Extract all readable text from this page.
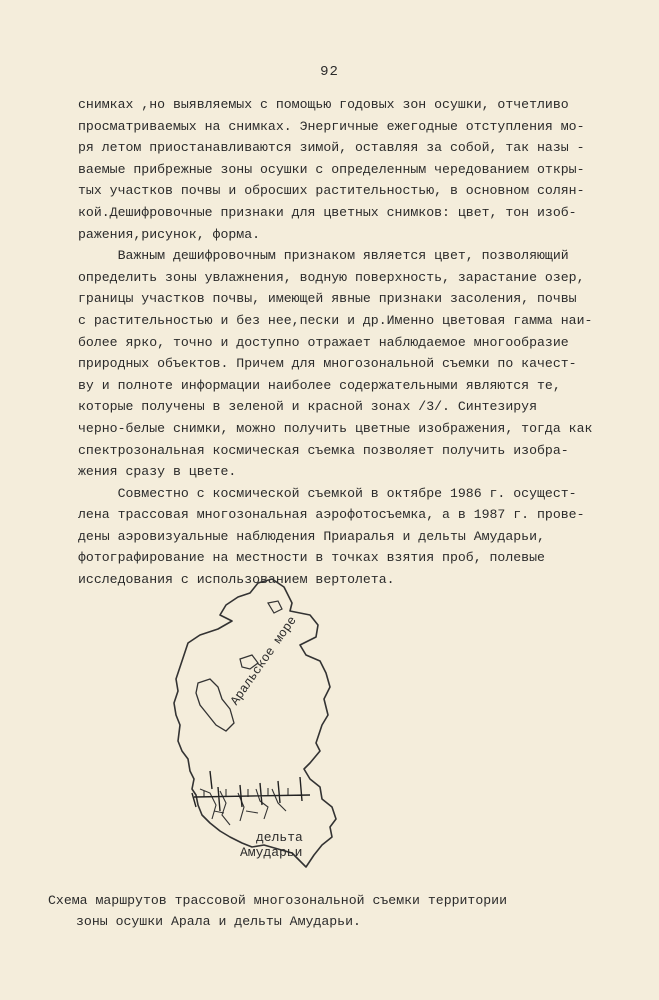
92
снимках ,но выявляемых с помощью годовых зон осушки, отчетливо
просматриваемых на снимках. Энергичные ежегодные отступления мо-
ря летом приостанавливаются зимой, оставляя за собой, так назы -
ваемые прибрежные зоны осушки с определенным чередованием откры-
тых участков почвы и обросших растительностью, в основном солян-
кой.Дешифровочные признаки для цветных снимков: цвет, тон изоб-
ражения,рисунок, форма.
Важным дешифровочным признаком является цвет, позволяющий
определить зоны увлажнения, водную поверхность, зарастание озер,
границы участков почвы, имеющей явные признаки засоления, почвы
с растительностью и без нее,пески и др.Именно цветовая гамма наи-
более ярко, точно и доступно отражает наблюдаемое многообразие
природных объектов. Причем для многозональной съемки по качест-
ву и полноте информации наиболее содержательными являются те,
которые получены в зеленой и красной зонах /3/. Синтезируя
черно-белые снимки, можно получить цветные изображения, тогда как
спектрозональная космическая съемка позволяет получить изобра-
жения сразу в цвете.
Совместно с космической съемкой в октябре 1986 г. осущест-
лена трассовая многозональная аэрофотосъемка, а в 1987 г. прове-
дены аэровизуальные наблюдения Приаралья и дельты Амударьи,
фотографирование на местности в точках взятия проб, полевые
исследования с использованием вертолета.
Аральское море
дельта
Амударьи
Схема маршрутов трассовой многозональной съемки территории
зоны осушки Арала и дельты Амударьи.
